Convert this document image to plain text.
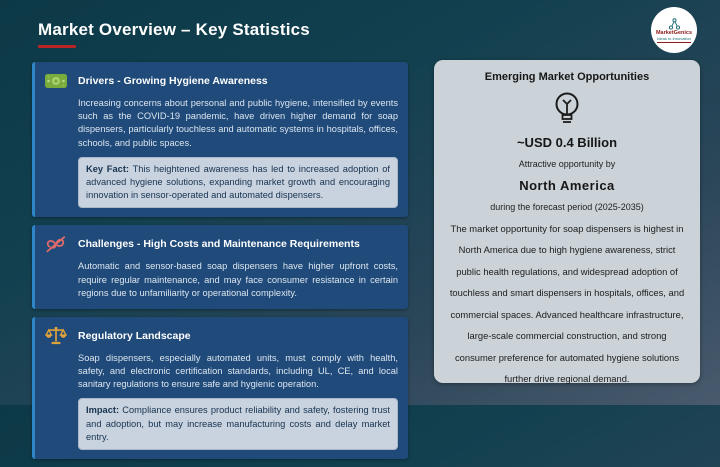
Market Overview – Key Statistics	MarketGenics
Ideas to Innovation
Drivers - Growing Hygiene Awareness

Increasing concerns about personal and public hygiene, intensified by events such as the COVID-19 pandemic, have driven higher demand for soap dispensers, particularly touchless and automatic systems in hospitals, offices, schools, and public spaces.

Key Fact: This heightened awareness has led to increased adoption of advanced hygiene solutions, expanding market growth and encouraging innovation in sensor-operated and automated dispensers.
Challenges - High Costs and Maintenance Requirements

Automatic and sensor-based soap dispensers have higher upfront costs, require regular maintenance, and may face consumer resistance in certain regions due to unfamiliarity or operational complexity.

Regulatory Landscape

Soap dispensers, especially automated units, must comply with health, safety, and electronic certification standards, including UL, CE, and local sanitary regulations to ensure safe and hygienic operation.

Impact: Compliance ensures product reliability and safety, fostering trust and adoption, but may increase manufacturing costs and delay market entry.
Emerging Market Opportunities
~USD 0.4 Billion
Attractive opportunity by
North America
during the forecast period (2025-2035)
The market opportunity for soap dispensers is highest in North America due to high hygiene awareness, strict public health regulations, and widespread adoption of touchless and smart dispensers in hospitals, offices, and commercial spaces. Advanced healthcare infrastructure, large-scale commercial construction, and strong consumer preference for automated hygiene solutions further drive regional demand.
